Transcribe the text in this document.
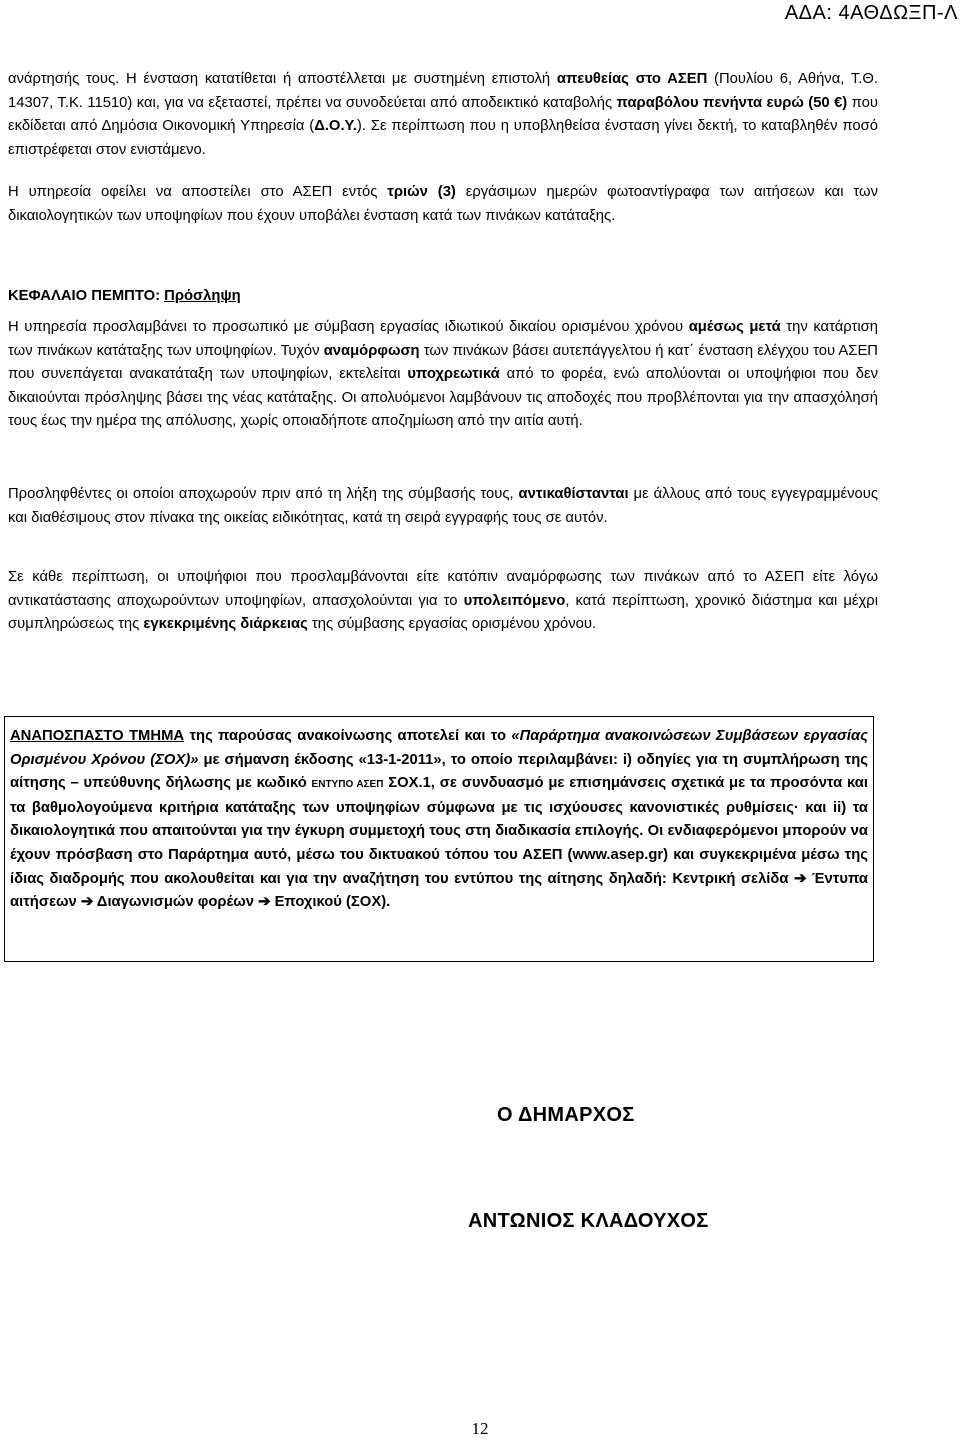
ΑΔΑ: 4ΑΘΔΩΞΠ-Λ

ανάρτησής τους. Η ένσταση κατατίθεται ή αποστέλλεται με συστημένη επιστολή απευθείας στο ΑΣΕΠ (Πουλίου 6, Αθήνα, Τ.Θ. 14307, Τ.Κ. 11510) και, για να εξεταστεί, πρέπει να συνοδεύεται από αποδεικτικό καταβολής παραβόλου πενήντα ευρώ (50 €) που εκδίδεται από Δημόσια Οικονομική Υπηρεσία (Δ.Ο.Υ.). Σε περίπτωση που η υποβληθείσα ένσταση γίνει δεκτή, το καταβληθέν ποσό επιστρέφεται στον ενιστάμενο.

Η υπηρεσία οφείλει να αποστείλει στο ΑΣΕΠ εντός τριών (3) εργάσιμων ημερών φωτοαντίγραφα των αιτήσεων και των δικαιολογητικών των υποψηφίων που έχουν υποβάλει ένσταση κατά των πινάκων κατάταξης.

ΚΕΦΑΛΑΙΟ ΠΕΜΠΤΟ: Πρόσληψη

Η υπηρεσία προσλαμβάνει το προσωπικό με σύμβαση εργασίας ιδιωτικού δικαίου ορισμένου χρόνου αμέσως μετά την κατάρτιση των πινάκων κατάταξης των υποψηφίων. Τυχόν αναμόρφωση των πινάκων βάσει αυτεπάγγελτου ή κατ΄ ένσταση ελέγχου του ΑΣΕΠ που συνεπάγεται ανακατάταξη των υποψηφίων, εκτελείται υποχρεωτικά από το φορέα, ενώ απολύονται οι υποψήφιοι που δεν δικαιούνται πρόσληψης βάσει της νέας κατάταξης. Οι απολυόμενοι λαμβάνουν τις αποδοχές που προβλέπονται για την απασχόλησή τους έως την ημέρα της απόλυσης, χωρίς οποιαδήποτε αποζημίωση από την αιτία αυτή.

Προσληφθέντες οι οποίοι αποχωρούν πριν από τη λήξη της σύμβασής τους, αντικαθίστανται με άλλους από τους εγγεγραμμένους και διαθέσιμους στον πίνακα της οικείας ειδικότητας, κατά τη σειρά εγγραφής τους σε αυτόν.

Σε κάθε περίπτωση, οι υποψήφιοι που προσλαμβάνονται είτε κατόπιν αναμόρφωσης των πινάκων από το ΑΣΕΠ είτε λόγω αντικατάστασης αποχωρούντων υποψηφίων, απασχολούνται για το υπολειπόμενο, κατά περίπτωση, χρονικό διάστημα και μέχρι συμπληρώσεως της εγκεκριμένης διάρκειας της σύμβασης εργασίας ορισμένου χρόνου.

ΑΝΑΠΟΣΠΑΣΤΟ ΤΜΗΜΑ της παρούσας ανακοίνωσης αποτελεί και το «Παράρτημα ανακοινώσεων Συμβάσεων εργασίας Ορισμένου Χρόνου (ΣΟΧ)» με σήμανση έκδοσης «13-1-2011», το οποίο περιλαμβάνει: i) οδηγίες για τη συμπλήρωση της αίτησης – υπεύθυνης δήλωσης με κωδικό ΕΝΤΥΠΟ ΑΣΕΠ ΣΟΧ.1, σε συνδυασμό με επισημάνσεις σχετικά με τα προσόντα και τα βαθμολογούμενα κριτήρια κατάταξης των υποψηφίων σύμφωνα με τις ισχύουσες κανονιστικές ρυθμίσεις· και ii) τα δικαιολογητικά που απαιτούνται για την έγκυρη συμμετοχή τους στη διαδικασία επιλογής. Οι ενδιαφερόμενοι μπορούν να έχουν πρόσβαση στο Παράρτημα αυτό, μέσω του δικτυακού τόπου του ΑΣΕΠ (www.asep.gr) και συγκεκριμένα μέσω της ίδιας διαδρομής που ακολουθείται και για την αναζήτηση του εντύπου της αίτησης δηλαδή: Κεντρική σελίδα ➔ Έντυπα αιτήσεων ➔ Διαγωνισμών φορέων ➔ Εποχικού (ΣΟΧ).

Ο ΔΗΜΑΡΧΟΣ
ΑΝΤΩΝΙΟΣ ΚΛΑΔΟΥΧΟΣ
12
